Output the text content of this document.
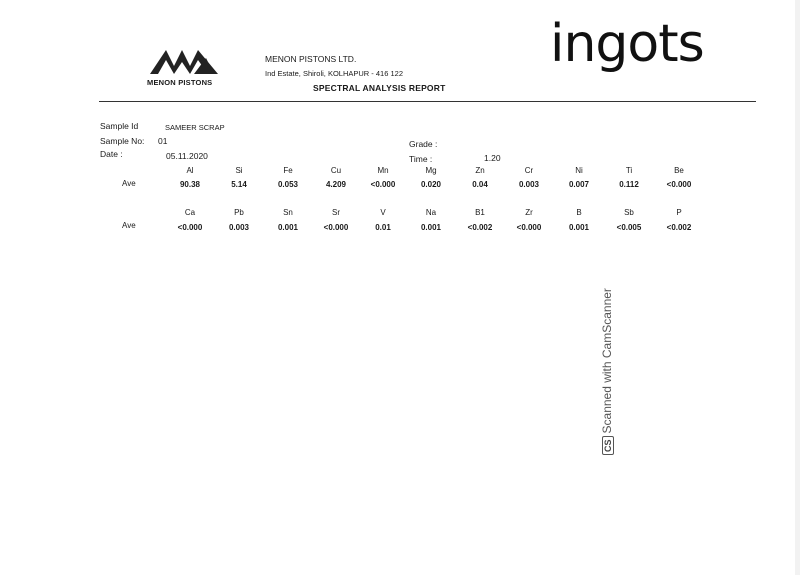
MENON PISTONS
MENON PISTONS LTD.
Ind Estate, Shiroli, KOLHAPUR - 416 122
SPECTRAL ANALYSIS REPORT
ingots
Sample Id	SAMEER SCRAP
Sample No: 01
Date :	05.11.2020
Grade :
Time :	1.20
Ave
Al	Si	Fe	Cu	Mn	Mg	Zn	Cr	Ni	Ti	Be
90.38	5.14	0.053	4.209	<0.000	0.020	0.04	0.003	0.007	0.112	<0.000
Ave
Ca	Pb	Sn	Sr	V	Na	B1	Zr	B	Sb	P
<0.000	0.003	0.001	<0.000	0.01	0.001	<0.002	<0.000	0.001	<0.005	<0.002
CSScanned with CamScanner
